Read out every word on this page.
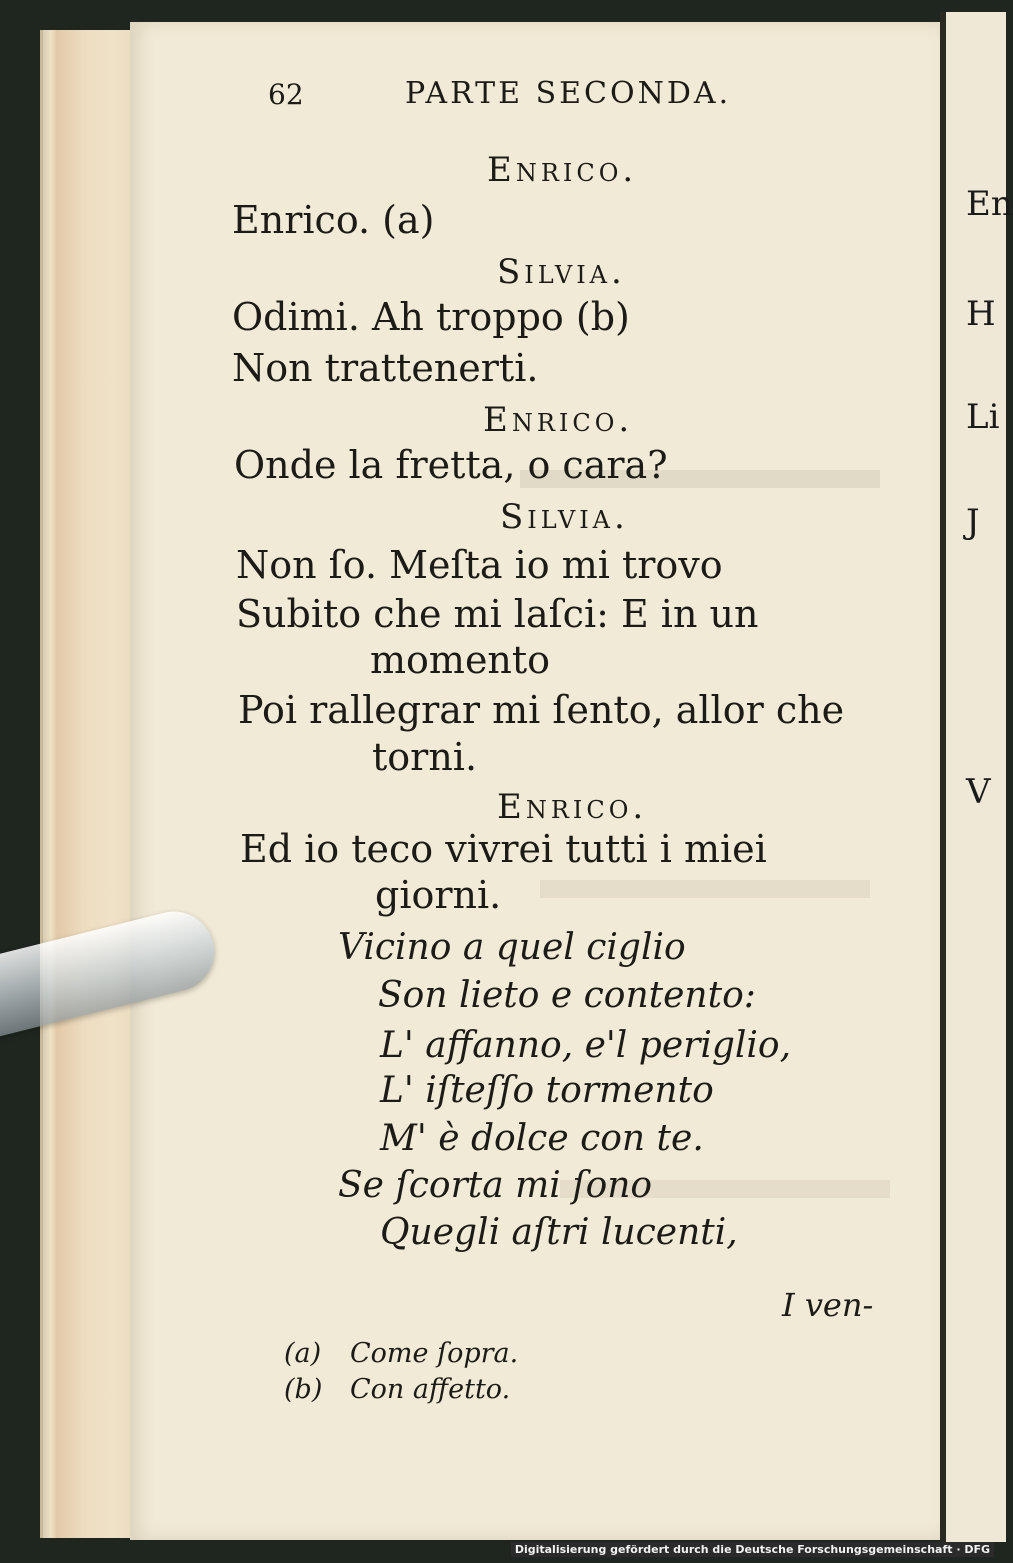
62	PARTE SECONDA.
Enrico.
Enrico. (a)
Silvia.
Odimi. Ah troppo (b)
Non trattenerti.
Enrico.
Onde la fretta, o cara?
Silvia.
Non ſo. Meſta io mi trovo
Subito che mi laſci: E in un
momento
Poi rallegrar mi ſento, allor che
torni.
Enrico.
Ed io teco vivrei tutti i miei
giorni.
Vicino a quel ciglio
Son lieto e contento:
L' affanno, e'l periglio,
L' iſteſſo tormento
M' è dolce con te.
Se ſcorta mi ſono
Quegli aſtri lucenti,
I ven-
(a) Come ſopra.
(b) Con affetto.
En
H
Li
J
V
Digitalisierung gefördert durch die Deutsche Forschungsgemeinschaft · DFG
